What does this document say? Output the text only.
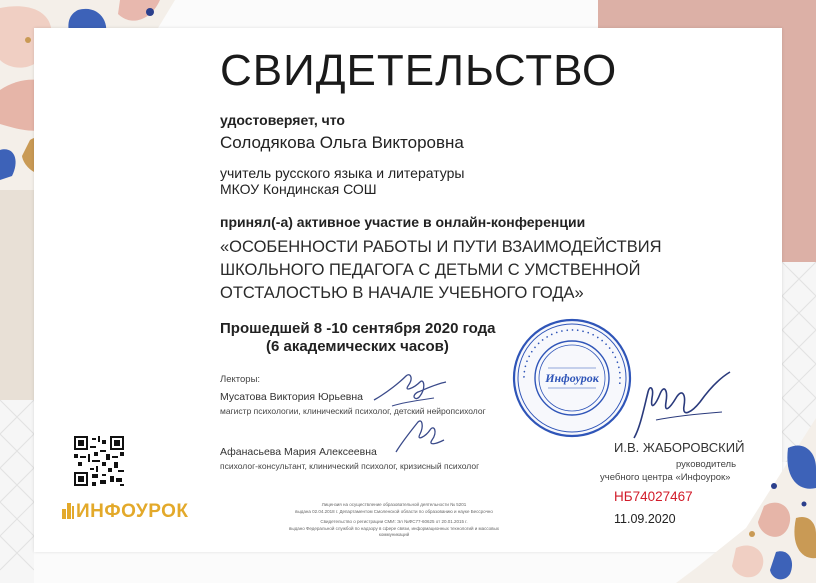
СВИДЕТЕЛЬСТВО
удостоверяет, что
Солодякова Ольга Викторовна
учитель русского языка и литературы
МКОУ Кондинская СОШ
принял(-а) активное участие в онлайн-конференции
«ОСОБЕННОСТИ РАБОТЫ И ПУТИ ВЗАИМОДЕЙСТВИЯ ШКОЛЬНОГО ПЕДАГОГА С ДЕТЬМИ С УМСТВЕННОЙ ОТСТАЛОСТЬЮ В НАЧАЛЕ УЧЕБНОГО ГОДА»
Прошедшей 8 -10 сентября 2020 года
(6 академических часов)
Лекторы:
Мусатова Виктория Юрьевна
магистр психологии, клинический психолог, детский нейропсихолог
Афанасьева Мария Алексеевна
психолог-консультант, клинический психолог, кризисный психолог
ИНФОУРОК	Лицензия на осуществление образовательной деятельности № 5201
выдана 02.04.2018 г. Департаментом Смоленской области по образованию и науке Бессрочно
Свидетельство о регистрации СМИ: Эл №ФС77-60625 от 20.01.2015 г.
выдано Федеральной службой по надзору в сфере связи, информационных технологий и массовых коммуникаций
• • • • • • • • • • • • • • • • • • • • • • • • • • • • • •
Инфоурок
И.В. ЖАБОРОВСКИЙ
руководитель
учебного центра «Инфоурок»
НБ74027467
11.09.2020
